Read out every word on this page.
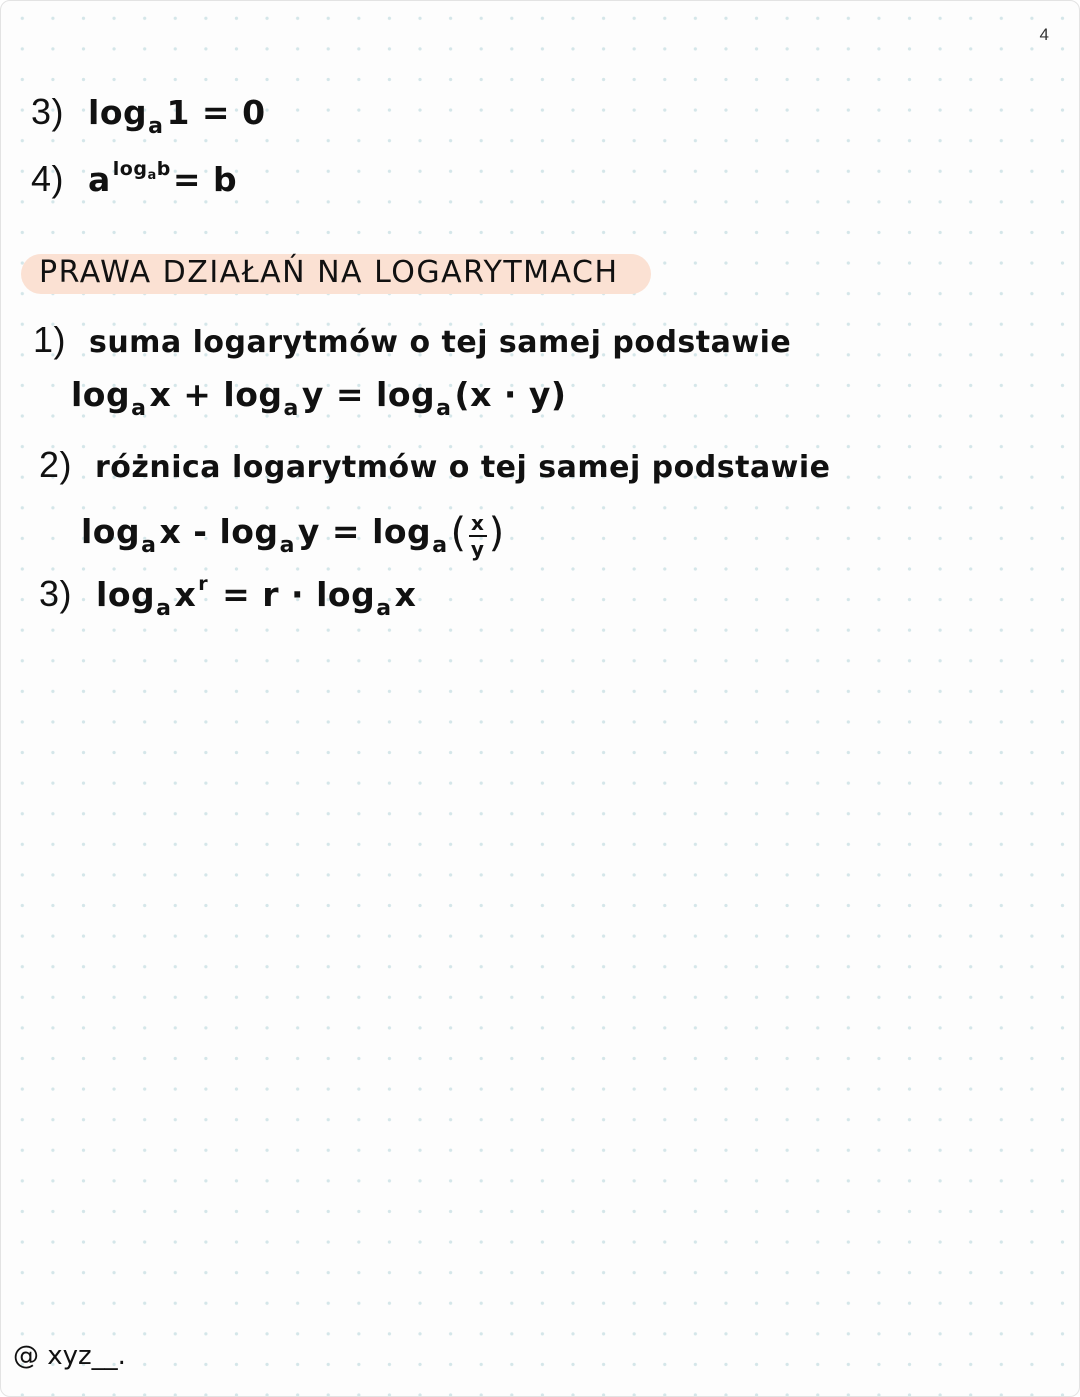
4
3) $\log_a1 = 0$
4) a $^{log_ab}$= b
PRAWA DZIAŁAŃ NA LOGARYTMACH
1) suma logarytmów o tej samej podstawie
$\log_ax + \log_ay = \log_a(x \cdot y)$
2) różnica logarytmów o tej samej podstawie
$\log_ax - \log_ay = \log_a( \frac{x}{y}$ )
3) $\log_ax$ $^r = r \cdot \log_ax$
@ xyz__.
